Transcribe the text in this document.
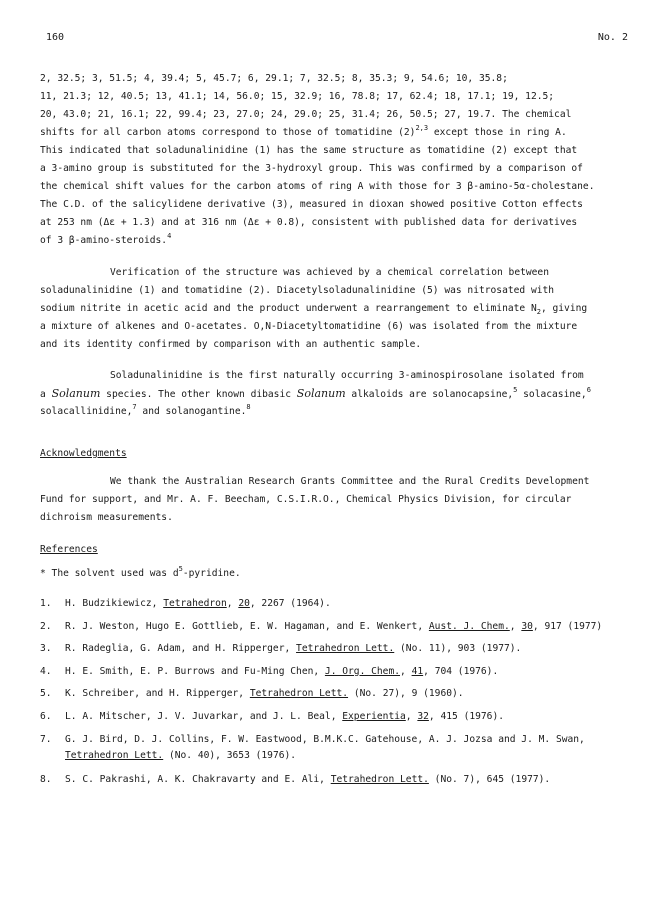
160	No. 2
2, 32.5; 3, 51.5; 4, 39.4; 5, 45.7; 6, 29.1; 7, 32.5; 8, 35.3; 9, 54.6; 10, 35.8;
11, 21.3; 12, 40.5; 13, 41.1; 14, 56.0; 15, 32.9; 16, 78.8; 17, 62.4; 18, 17.1; 19, 12.5;
20, 43.0; 21, 16.1; 22, 99.4; 23, 27.0; 24, 29.0; 25, 31.4; 26, 50.5; 27, 19.7. The chemical
shifts for all carbon atoms correspond to those of tomatidine $(2)^{2,3}$ except those in ring A.
This indicated that soladunalinidine (1) has the same structure as tomatidine (2) except that
a 3-amino group is substituted for the 3-hydroxyl group. This was confirmed by a comparison of
the chemical shift values for the carbon atoms of ring A with those for 3 β-amino-5α-cholestane.
The C.D. of the salicylidene derivative (3), measured in dioxan showed positive Cotton effects
at 253 nm (Δε + 1.3) and at 316 nm (Δε + 0.8), consistent with published data for derivatives
of 3 β-amino-steroids.$^4$
Verification of the structure was achieved by a chemical correlation between
soladunalinidine (1) and tomatidine (2). Diacetylsoladunalinidine (5) was nitrosated with
sodium nitrite in acetic acid and the product underwent a rearrangement to eliminate $N_2$, giving
a mixture of alkenes and O-acetates. O,N-Diacetyltomatidine (6) was isolated from the mixture
and its identity confirmed by comparison with an authentic sample.
Soladunalinidine is the first naturally occurring 3-aminospirosolane isolated from
a Solanum species. The other known dibasic Solanum alkaloids are solanocapsine,$^5$ solacasine,$^6$
solacallinidine,$^7$ and solanogantine.$^8$
Acknowledgments
We thank the Australian Research Grants Committee and the Rural Credits Development
Fund for support, and Mr. A. F. Beecham, C.S.I.R.O., Chemical Physics Division, for circular
dichroism measurements.
References
* The solvent used was $d^5$-pyridine.
1. H. Budzikiewicz, Tetrahedron, 20, 2267 (1964).
2. R. J. Weston, Hugo E. Gottlieb, E. W. Hagaman, and E. Wenkert, Aust. J. Chem., 30, 917 (1977)
3. R. Radeglia, G. Adam, and H. Ripperger, Tetrahedron Lett. (No. 11), 903 (1977).
4. H. E. Smith, E. P. Burrows and Fu-Ming Chen, J. Org. Chem., 41, 704 (1976).
5. K. Schreiber, and H. Ripperger, Tetrahedron Lett. (No. 27), 9 (1960).
6. L. A. Mitscher, J. V. Juvarkar, and J. L. Beal, Experientia, 32, 415 (1976).
7. G. J. Bird, D. J. Collins, F. W. Eastwood, B.M.K.C. Gatehouse, A. J. Jozsa and J. M. Swan,
Tetrahedron Lett. (No. 40), 3653 (1976).
8. S. C. Pakrashi, A. K. Chakravarty and E. Ali, Tetrahedron Lett. (No. 7), 645 (1977).
